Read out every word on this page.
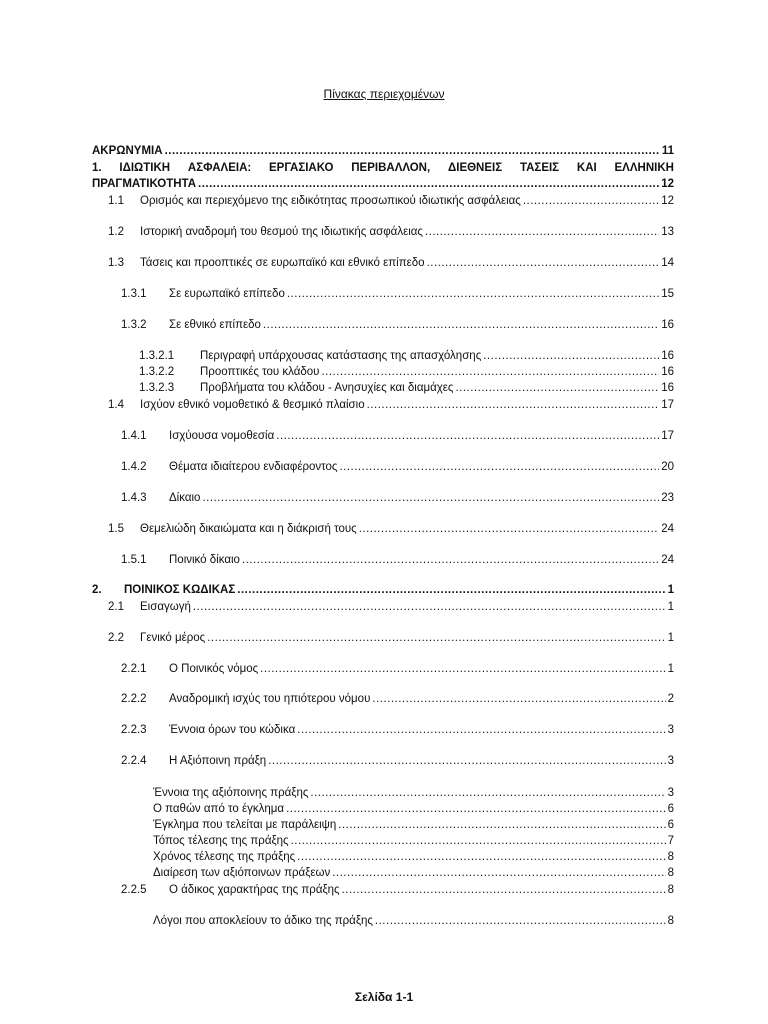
Πίνακας περιεχομένων
ΑΚΡΩΝΥΜΙΑ .....	11
1. ΙΔΙΩΤΙΚΗ ΑΣΦΑΛΕΙΑ: ΕΡΓΑΣΙΑΚΟ ΠΕΡΙΒΑΛΛΟΝ, ΔΙΕΘΝΕΙΣ ΤΑΣΕΙΣ ΚΑΙ ΕΛΛΗΝΙΚΗ
ΠΡΑΓΜΑΤΙΚΟΤΗΤΑ .....	12
1.1	Ορισμός και περιεχόμενο της ειδικότητας προσωπικού ιδιωτικής ασφάλειας .....	12
1.2	Ιστορική αναδρομή του θεσμού της ιδιωτικής ασφάλειας .....	13
1.3	Τάσεις και προοπτικές σε ευρωπαϊκό και εθνικό επίπεδο .....	14
1.3.1	Σε ευρωπαϊκό επίπεδο .....	15
1.3.2	Σε εθνικό επίπεδο .....	16
1.3.2.1	Περιγραφή υπάρχουσας κατάστασης της απασχόλησης .....	16
1.3.2.2	Προοπτικές του κλάδου .....	16
1.3.2.3	Προβλήματα του κλάδου - Ανησυχίες και διαμάχες .....	16
1.4	Ισχύον εθνικό νομοθετικό & θεσμικό πλαίσιο .....	17
1.4.1	Ισχύουσα νομοθεσία .....	17
1.4.2	Θέματα ιδιαίτερου ενδιαφέροντος .....	20
1.4.3	Δίκαιο .....	23
1.5	Θεμελιώδη δικαιώματα και η διάκρισή τους .....	24
1.5.1	Ποινικό δίκαιο .....	24
2.	ΠΟΙΝΙΚΟΣ ΚΩΔΙΚΑΣ .....	1
2.1	Εισαγωγή .....	1
2.2	Γενικό μέρος .....	1
2.2.1	Ο Ποινικός νόμος .....	1
2.2.2	Αναδρομική ισχύς του ηπιότερου νόμου .....	2
2.2.3	Έννοια όρων του κώδικα .....	3
2.2.4	Η Αξιόποινη πράξη .....	3
Έννοια της αξιόποινης πράξης .....	3
Ο παθών από το έγκλημα .....	6
Έγκλημα που τελείται με παράλειψη .....	6
Τόπος τέλεσης της πράξης .....	7
Χρόνος τέλεσης της πράξης .....	8
Διαίρεση των αξιόποινων πράξεων .....	8
2.2.5	Ο άδικος χαρακτήρας της πράξης .....	8
Λόγοι που αποκλείουν το άδικο της πράξης .....	8
Σελίδα 1-1
